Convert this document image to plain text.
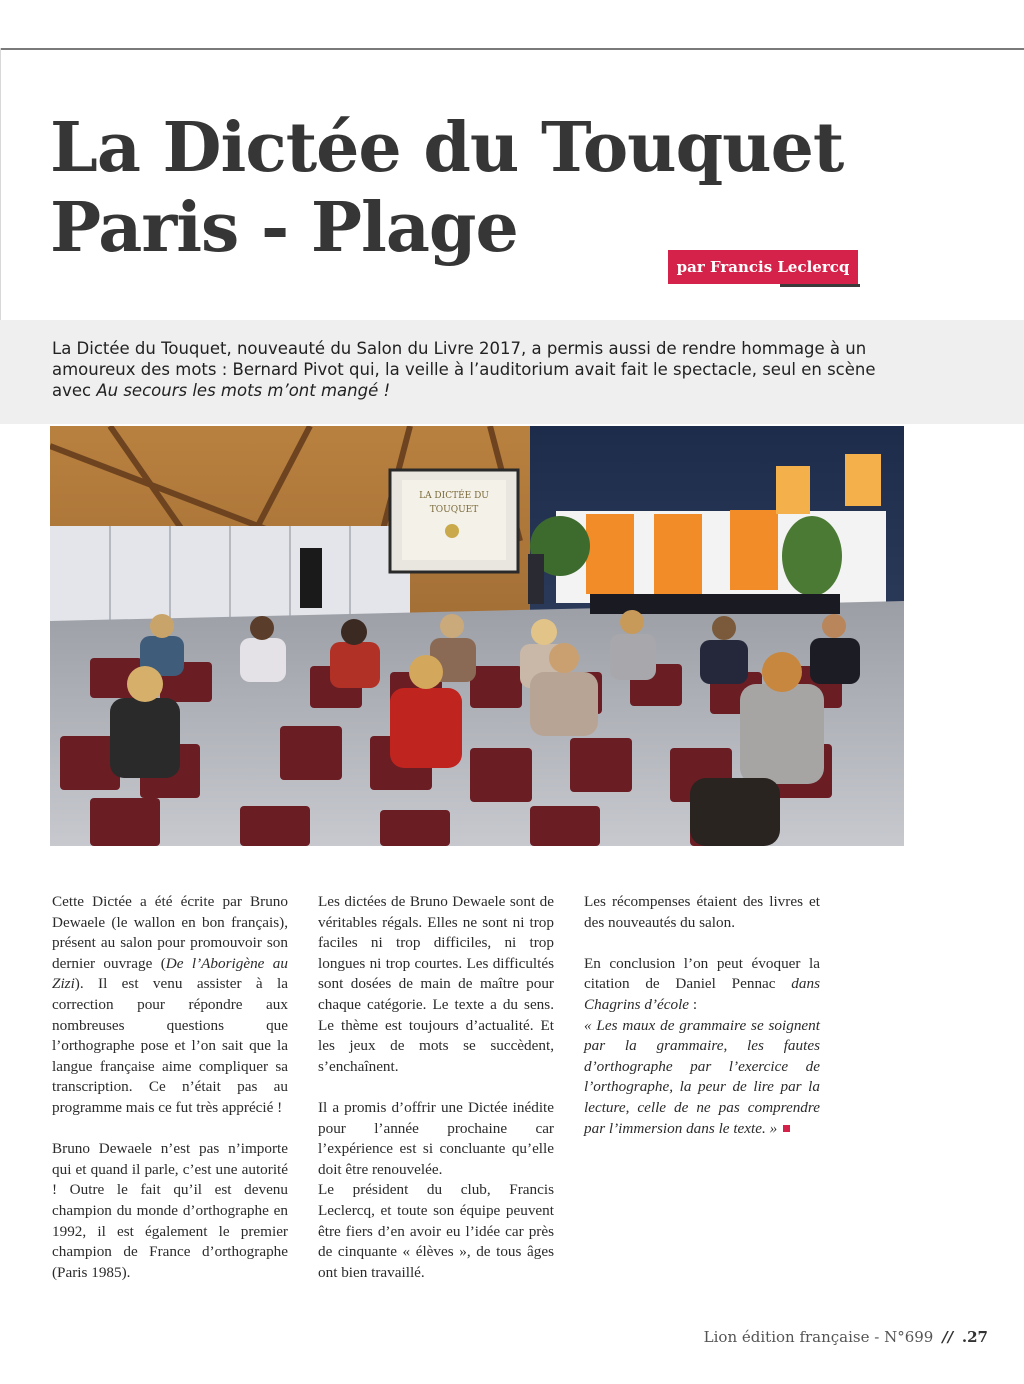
La Dictée du Touquet
Paris - Plage	par Francis Leclercq

La Dictée du Touquet, nouveauté du Salon du Livre 2017, a permis aussi de rendre hommage à un amoureux des mots : Bernard Pivot qui, la veille à l’auditorium avait fait le spectacle, seul en scène avec Au secours les mots m’ont mangé !

LA DICTÉE DU
TOUQUET

Cette Dictée a été écrite par Bruno Dewaele (le wallon en bon français), présent au salon pour promouvoir son dernier ouvrage (De l’Aborigène au Zizi). Il est venu assister à la correction pour répondre aux nombreuses questions que l’orthographe pose et l’on sait que la langue française aime compliquer sa transcription. Ce n’était pas au programme mais ce fut très apprécié !

Bruno Dewaele n’est pas n’importe qui et quand il parle, c’est une autorité ! Outre le fait qu’il est devenu champion du monde d’orthographe en 1992, il est également le premier champion de France d’orthographe (Paris 1985).

Les dictées de Bruno Dewaele sont de véritables régals. Elles ne sont ni trop faciles ni trop difficiles, ni trop longues ni trop courtes. Les difficultés sont dosées de main de maître pour chaque catégorie. Le texte a du sens. Le thème est toujours d’actualité. Et les jeux de mots se succèdent, s’enchaînent.

Il a promis d’offrir une Dictée inédite pour l’année prochaine car l’expérience est si concluante qu’elle doit être renouvelée.

Le président du club, Francis Leclercq, et toute son équipe peuvent être fiers d’en avoir eu l’idée car près de cinquante « élèves », de tous âges ont bien travaillé.

Les récompenses étaient des livres et des nouveautés du salon.

En conclusion l’on peut évoquer la citation de Daniel Pennac dans Chagrins d’école :

« Les maux de grammaire se soignent par la grammaire, les fautes d’orthographe par l’exercice de l’orthographe, la peur de lire par la lecture, celle de ne pas comprendre par l’immersion dans le texte. »

Lion édition française - N°699 // .27
